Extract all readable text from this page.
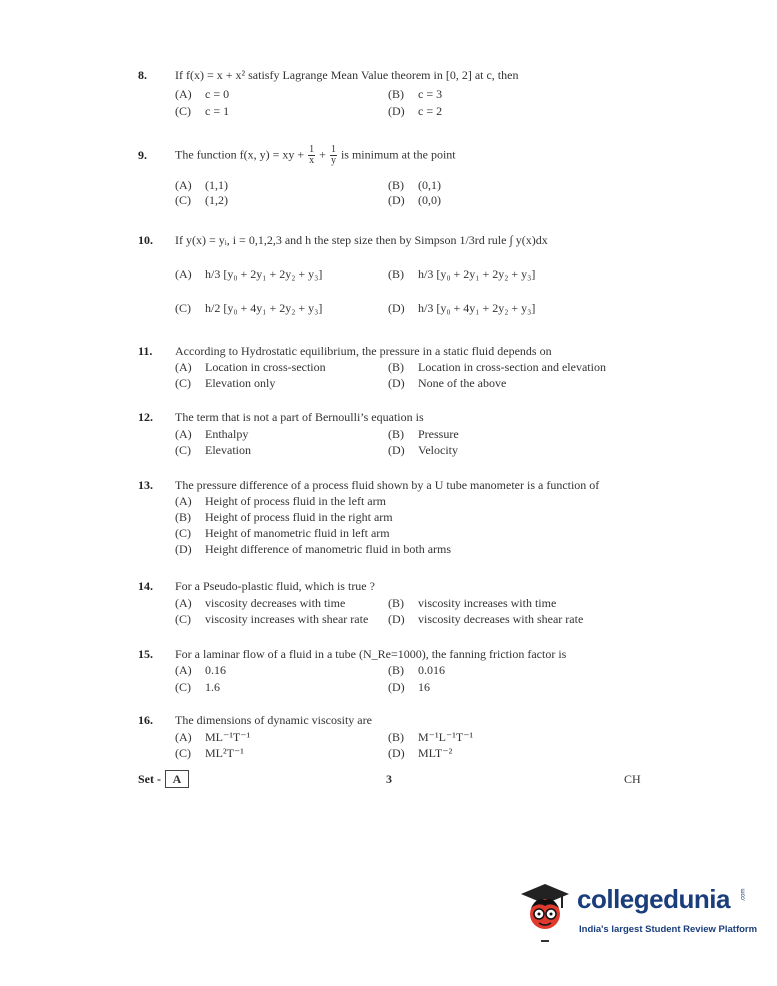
8. If f(x) = x + x² satisfy Lagrange Mean Value theorem in [0, 2] at c, then
(A) c = 0	(B) c = 3
(C) c = 1	(D) c = 2
9. The function f(x, y) = xy + $\frac{1}{x} + \frac{1}{y}$ is minimum at the point
(A) (1,1)	(B) (0,1)
(C) (1,2)	(D) (0,0)
10. If y(x) = yᵢ, i = 0,1,2,3 and h the step size then by Simpson 1/3rd rule ∫ y(x)dx
(A) h/3 [y₀ + 2y₁ + 2y₂ + y₃]	(B) h/3 [y₀ + 2y₁ + 2y₂ + y₃]
(C) h/2 [y₀ + 4y₁ + 2y₂ + y₃]	(D) h/3 [y₀ + 4y₁ + 2y₂ + y₃]
11. According to Hydrostatic equilibrium, the pressure in a static fluid depends on
(A) Location in cross-section	(B) Location in cross-section and elevation
(C) Elevation only	(D) None of the above
12. The term that is not a part of Bernoulli’s equation is
(A) Enthalpy	(B) Pressure
(C) Elevation	(D) Velocity
13. The pressure difference of a process fluid shown by a U tube manometer is a function of
(A) Height of process fluid in the left arm
(B) Height of process fluid in the right arm
(C) Height of manometric fluid in left arm
(D) Height difference of manometric fluid in both arms
14. For a Pseudo-plastic fluid, which is true ?
(A) viscosity decreases with time	(B) viscosity increases with time
(C) viscosity increases with shear rate (D) viscosity decreases with shear rate
15. For a laminar flow of a fluid in a tube (N_Re=1000), the fanning friction factor is
(A) 0.16	(B) 0.016
(C) 1.6	(D) 16
16. The dimensions of dynamic viscosity are
(A) ML⁻¹T⁻¹	(B) M⁻¹L⁻¹T⁻¹
(C) ML²T⁻¹	(D) MLT⁻²
Set - A	3	CH
collegedunia .com
India's largest Student Review Platform
